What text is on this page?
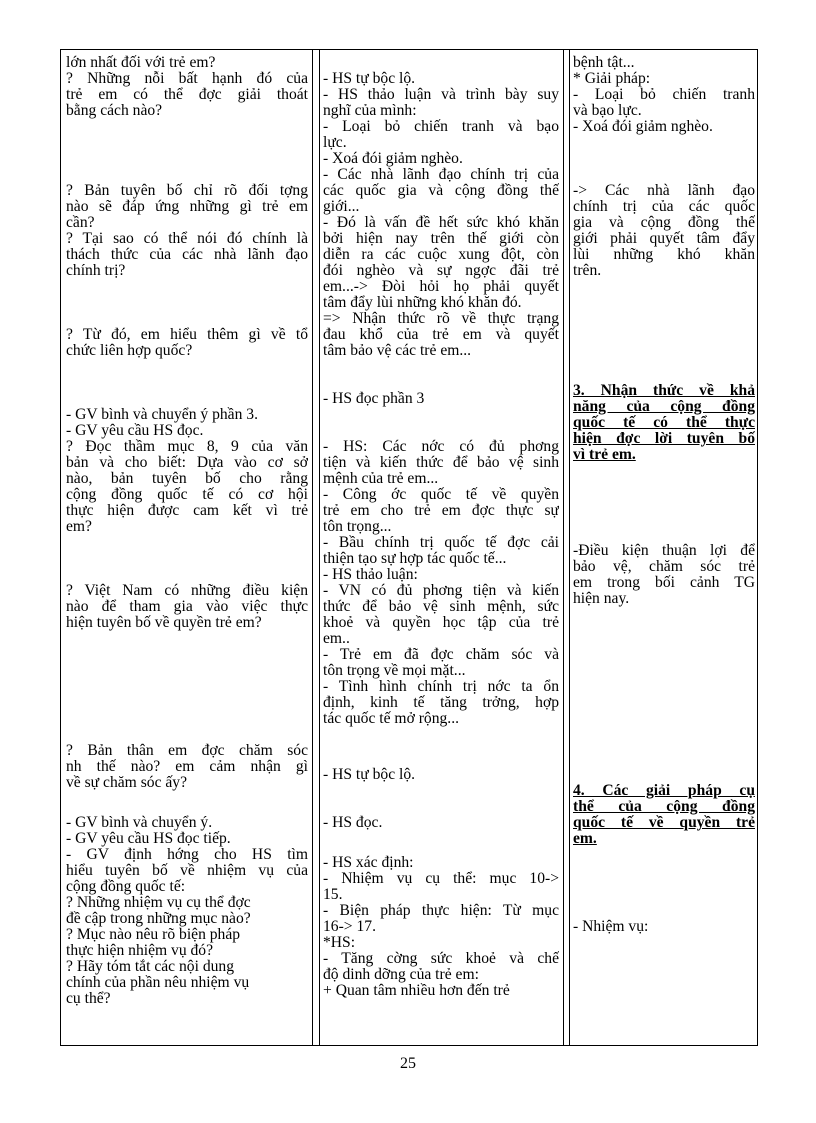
lớn nhất đối với trẻ em?
? Những nỗi bất hạnh đó của
trẻ em có thể đợc giải thoát
bằng cách nào?
? Bản tuyên bố chỉ rõ đối tợng
nào sẽ đáp ứng những gì trẻ em
cần?
? Tại sao có thể nói đó chính là
thách thức của các nhà lãnh đạo
chính trị?
? Từ đó, em hiểu thêm gì về tổ
chức liên hợp quốc?
- GV bình và chuyển ý phần 3.
- GV yêu cầu HS đọc.
? Đọc thầm mục 8, 9 của văn
bản và cho biết: Dựa vào cơ sở
nào, bản tuyên bố cho rằng
cộng đồng quốc tế có cơ hội
thực hiện được cam kết vì trẻ
em?
? Việt Nam có những điều kiện
nào để tham gia vào việc thực
hiện tuyên bố về quyền trẻ em?
? Bản thân em đợc chăm sóc
nh thế nào? em cảm nhận gì
về sự chăm sóc ấy?
- GV bình và chuyển ý.
- GV yêu cầu HS đọc tiếp.
- GV định hớng cho HS tìm
hiểu tuyên bố về nhiệm vụ của
cộng đồng quốc tế:
? Những nhiệm vụ cụ thể đợc
đề cập trong những mục nào?
? Mục nào nêu rõ biện pháp
thực hiện nhiệm vụ đó?
? Hãy tóm tắt các nội dung
chính của phần nêu nhiệm vụ
cụ thể?
- HS tự bộc lộ.
- HS thảo luận và trình bày suy
nghĩ của mình:
- Loại bỏ chiến tranh và bạo
lực.
- Xoá đói giảm nghèo.
- Các nhà lãnh đạo chính trị của
các quốc gia và cộng đồng thế
giới...
- Đó là vấn đề hết sức khó khăn
bởi hiện nay trên thế giới còn
diễn ra các cuộc xung đột, còn
đói nghèo và sự ngợc đãi trẻ
em...-> Đòi hỏi họ phải quyết
tâm đẩy lùi những khó khăn đó.
=> Nhận thức rõ về thực trạng
đau khổ của trẻ em và quyết
tâm bảo vệ các trẻ em...
- HS đọc phần 3
- HS: Các nớc có đủ phơng
tiện và kiến thức để bảo vệ sinh
mệnh của trẻ em...
- Công ớc quốc tế về quyền
trẻ em cho trẻ em đợc thực sự
tôn trọng...
- Bầu chính trị quốc tế đợc cải
thiện tạo sự hợp tác quốc tế...
- HS thảo luận:
- VN có đủ phơng tiện và kiến
thức để bảo vệ sinh mệnh, sức
khoẻ và quyền học tập của trẻ
em..
- Trẻ em đã đợc chăm sóc và
tôn trọng về mọi mặt...
- Tình hình chính trị nớc ta ổn
định, kinh tế tăng trởng, hợp
tác quốc tế mở rộng...
- HS tự bộc lộ.
- HS đọc.
- HS xác định:
- Nhiệm vụ cụ thể: mục 10->
15.
- Biện pháp thực hiện: Từ mục
16-> 17.
*HS:
- Tăng cờng sức khoẻ và chế
độ dinh dỡng của trẻ em:
+ Quan tâm nhiều hơn đến trẻ
bệnh tật...
* Giải pháp:
- Loại bỏ chiến tranh
và bạo lực.
- Xoá đói giảm nghèo.
-> Các nhà lãnh đạo
chính trị của các quốc
gia và cộng đồng thế
giới phải quyết tâm đẩy
lùi những khó khăn
trên.
3. Nhận thức về khả
năng của cộng đồng
quốc tế có thể thực
hiện đợc lời tuyên bố
vì trẻ em.
-Điều kiện thuận lợi để
bảo vệ, chăm sóc trẻ
em trong bối cảnh TG
hiện nay.
4. Các giải pháp cụ
thể của cộng đồng
quốc tế về quyền trẻ
em.
- Nhiệm vụ:
25
